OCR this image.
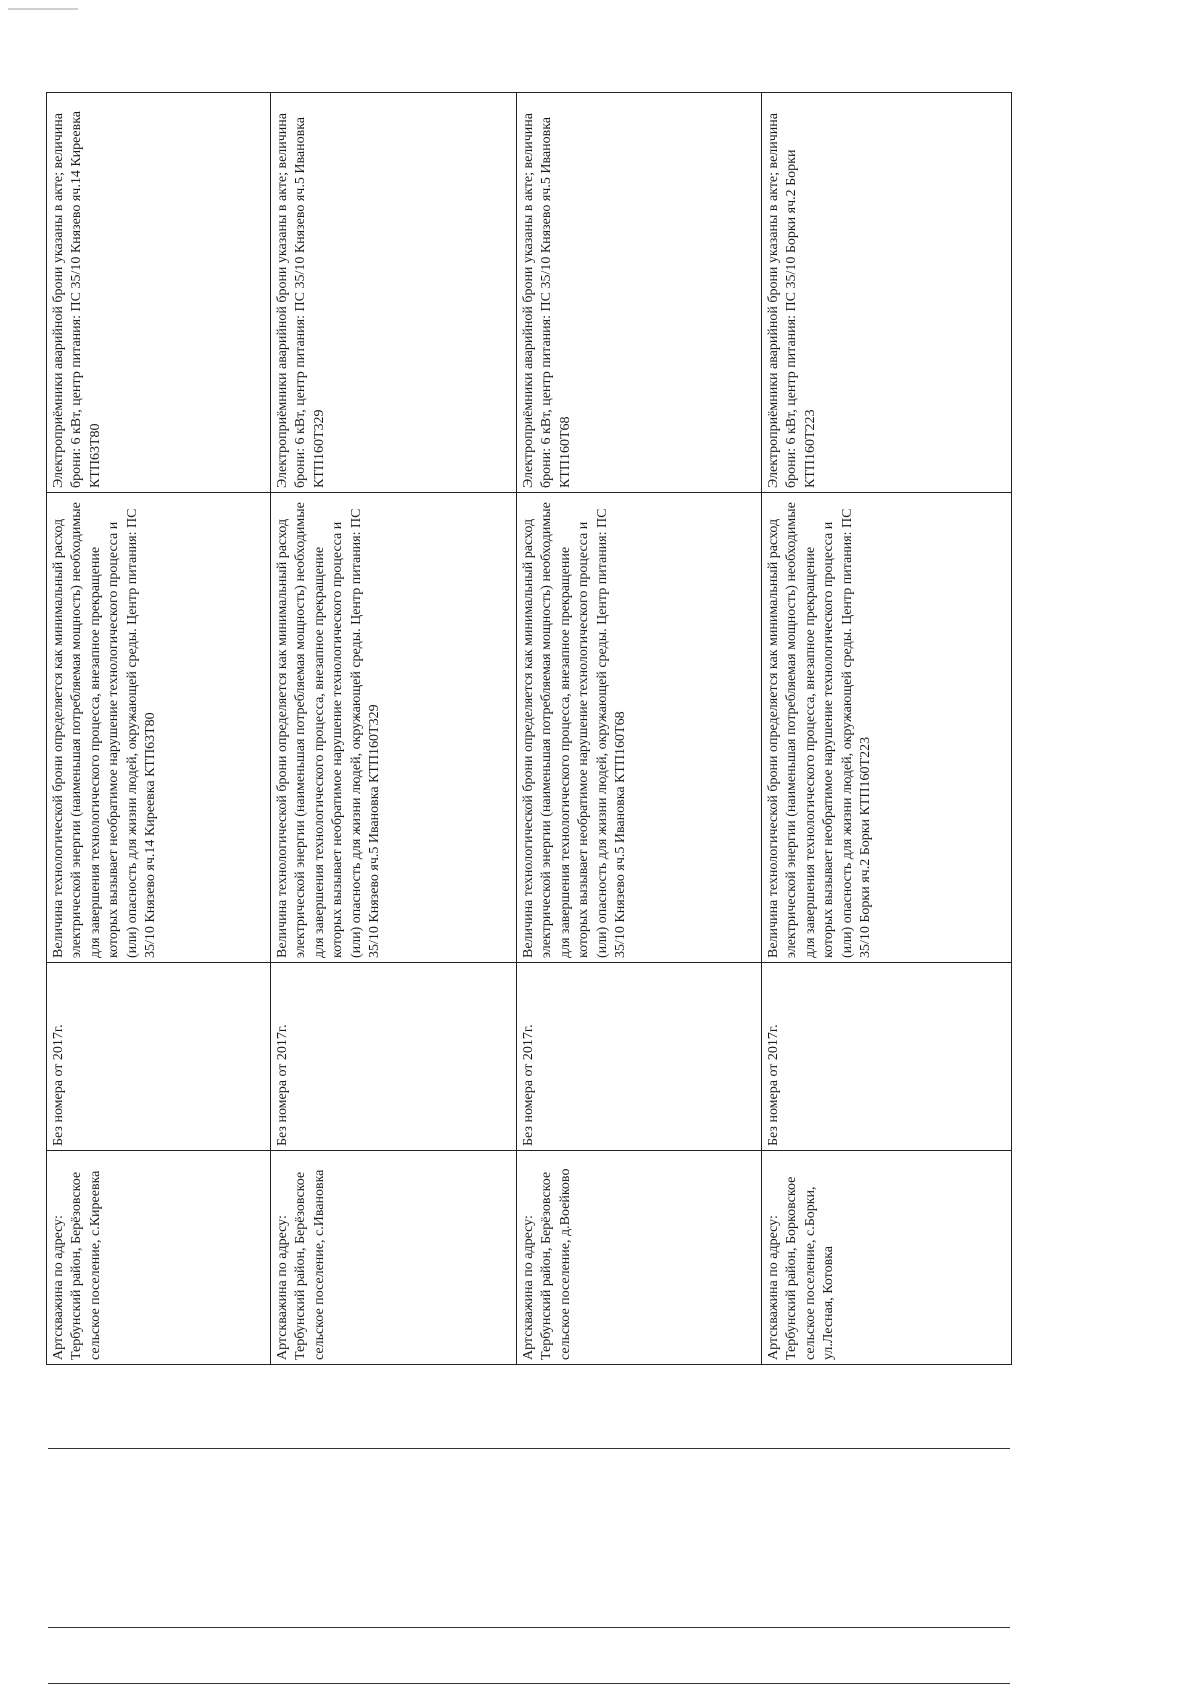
Артскважина по адресу: Тербунский район, Берёзовское сельское поселение, с.Киреевка	Без номера от 2017г.	Величина технологической брони определяется как минимальный расход электрической энергии (наименьшая потребляемая мощность) необходимые для завершения технологического процесса, внезапное прекращение которых вызывает необратимое нарушение технологического процесса и (или) опасность для жизни людей, окружающей среды. Центр питания: ПС 35/10 Князево яч.14 Киреевка КТП63Т80	Электроприёмники аварийной брони указаны в акте; величина брони: 6 кВт, центр питания: ПС 35/10 Князево яч.14 Киреевка КТП63Т80

Артскважина по адресу: Тербунский район, Берёзовское сельское поселение, с.Ивановка	Без номера от 2017г.	Величина технологической брони определяется как минимальный расход электрической энергии (наименьшая потребляемая мощность) необходимые для завершения технологического процесса, внезапное прекращение которых вызывает необратимое нарушение технологического процесса и (или) опасность для жизни людей, окружающей среды. Центр питания: ПС 35/10 Князево яч.5 Ивановка КТП160Т329	Электроприёмники аварийной брони указаны в акте; величина брони: 6 кВт, центр питания: ПС 35/10 Князево яч.5 Ивановка КТП160Т329

Артскважина по адресу: Тербунский район, Берёзовское сельское поселение, д.Воейково	Без номера от 2017г.	Величина технологической брони определяется как минимальный расход электрической энергии (наименьшая потребляемая мощность) необходимые для завершения технологического процесса, внезапное прекращение которых вызывает необратимое нарушение технологического процесса и (или) опасность для жизни людей, окружающей среды. Центр питания: ПС 35/10 Князево яч.5 Ивановка КТП160Т68	Электроприёмники аварийной брони указаны в акте; величина брони: 6 кВт, центр питания: ПС 35/10 Князево яч.5 Ивановка КТП160Т68

Артскважина по адресу: Тербунский район, Борковское сельское поселение, с.Борки, ул.Лесная, Котовка	Без номера от 2017г.	Величина технологической брони определяется как минимальный расход электрической энергии (наименьшая потребляемая мощность) необходимые для завершения технологического процесса, внезапное прекращение которых вызывает необратимое нарушение технологического процесса и (или) опасность для жизни людей, окружающей среды. Центр питания: ПС 35/10 Борки яч.2 Борки КТП160Т223	Электроприёмники аварийной брони указаны в акте; величина брони: 6 кВт, центр питания: ПС 35/10 Борки яч.2 Борки КТП160Т223
